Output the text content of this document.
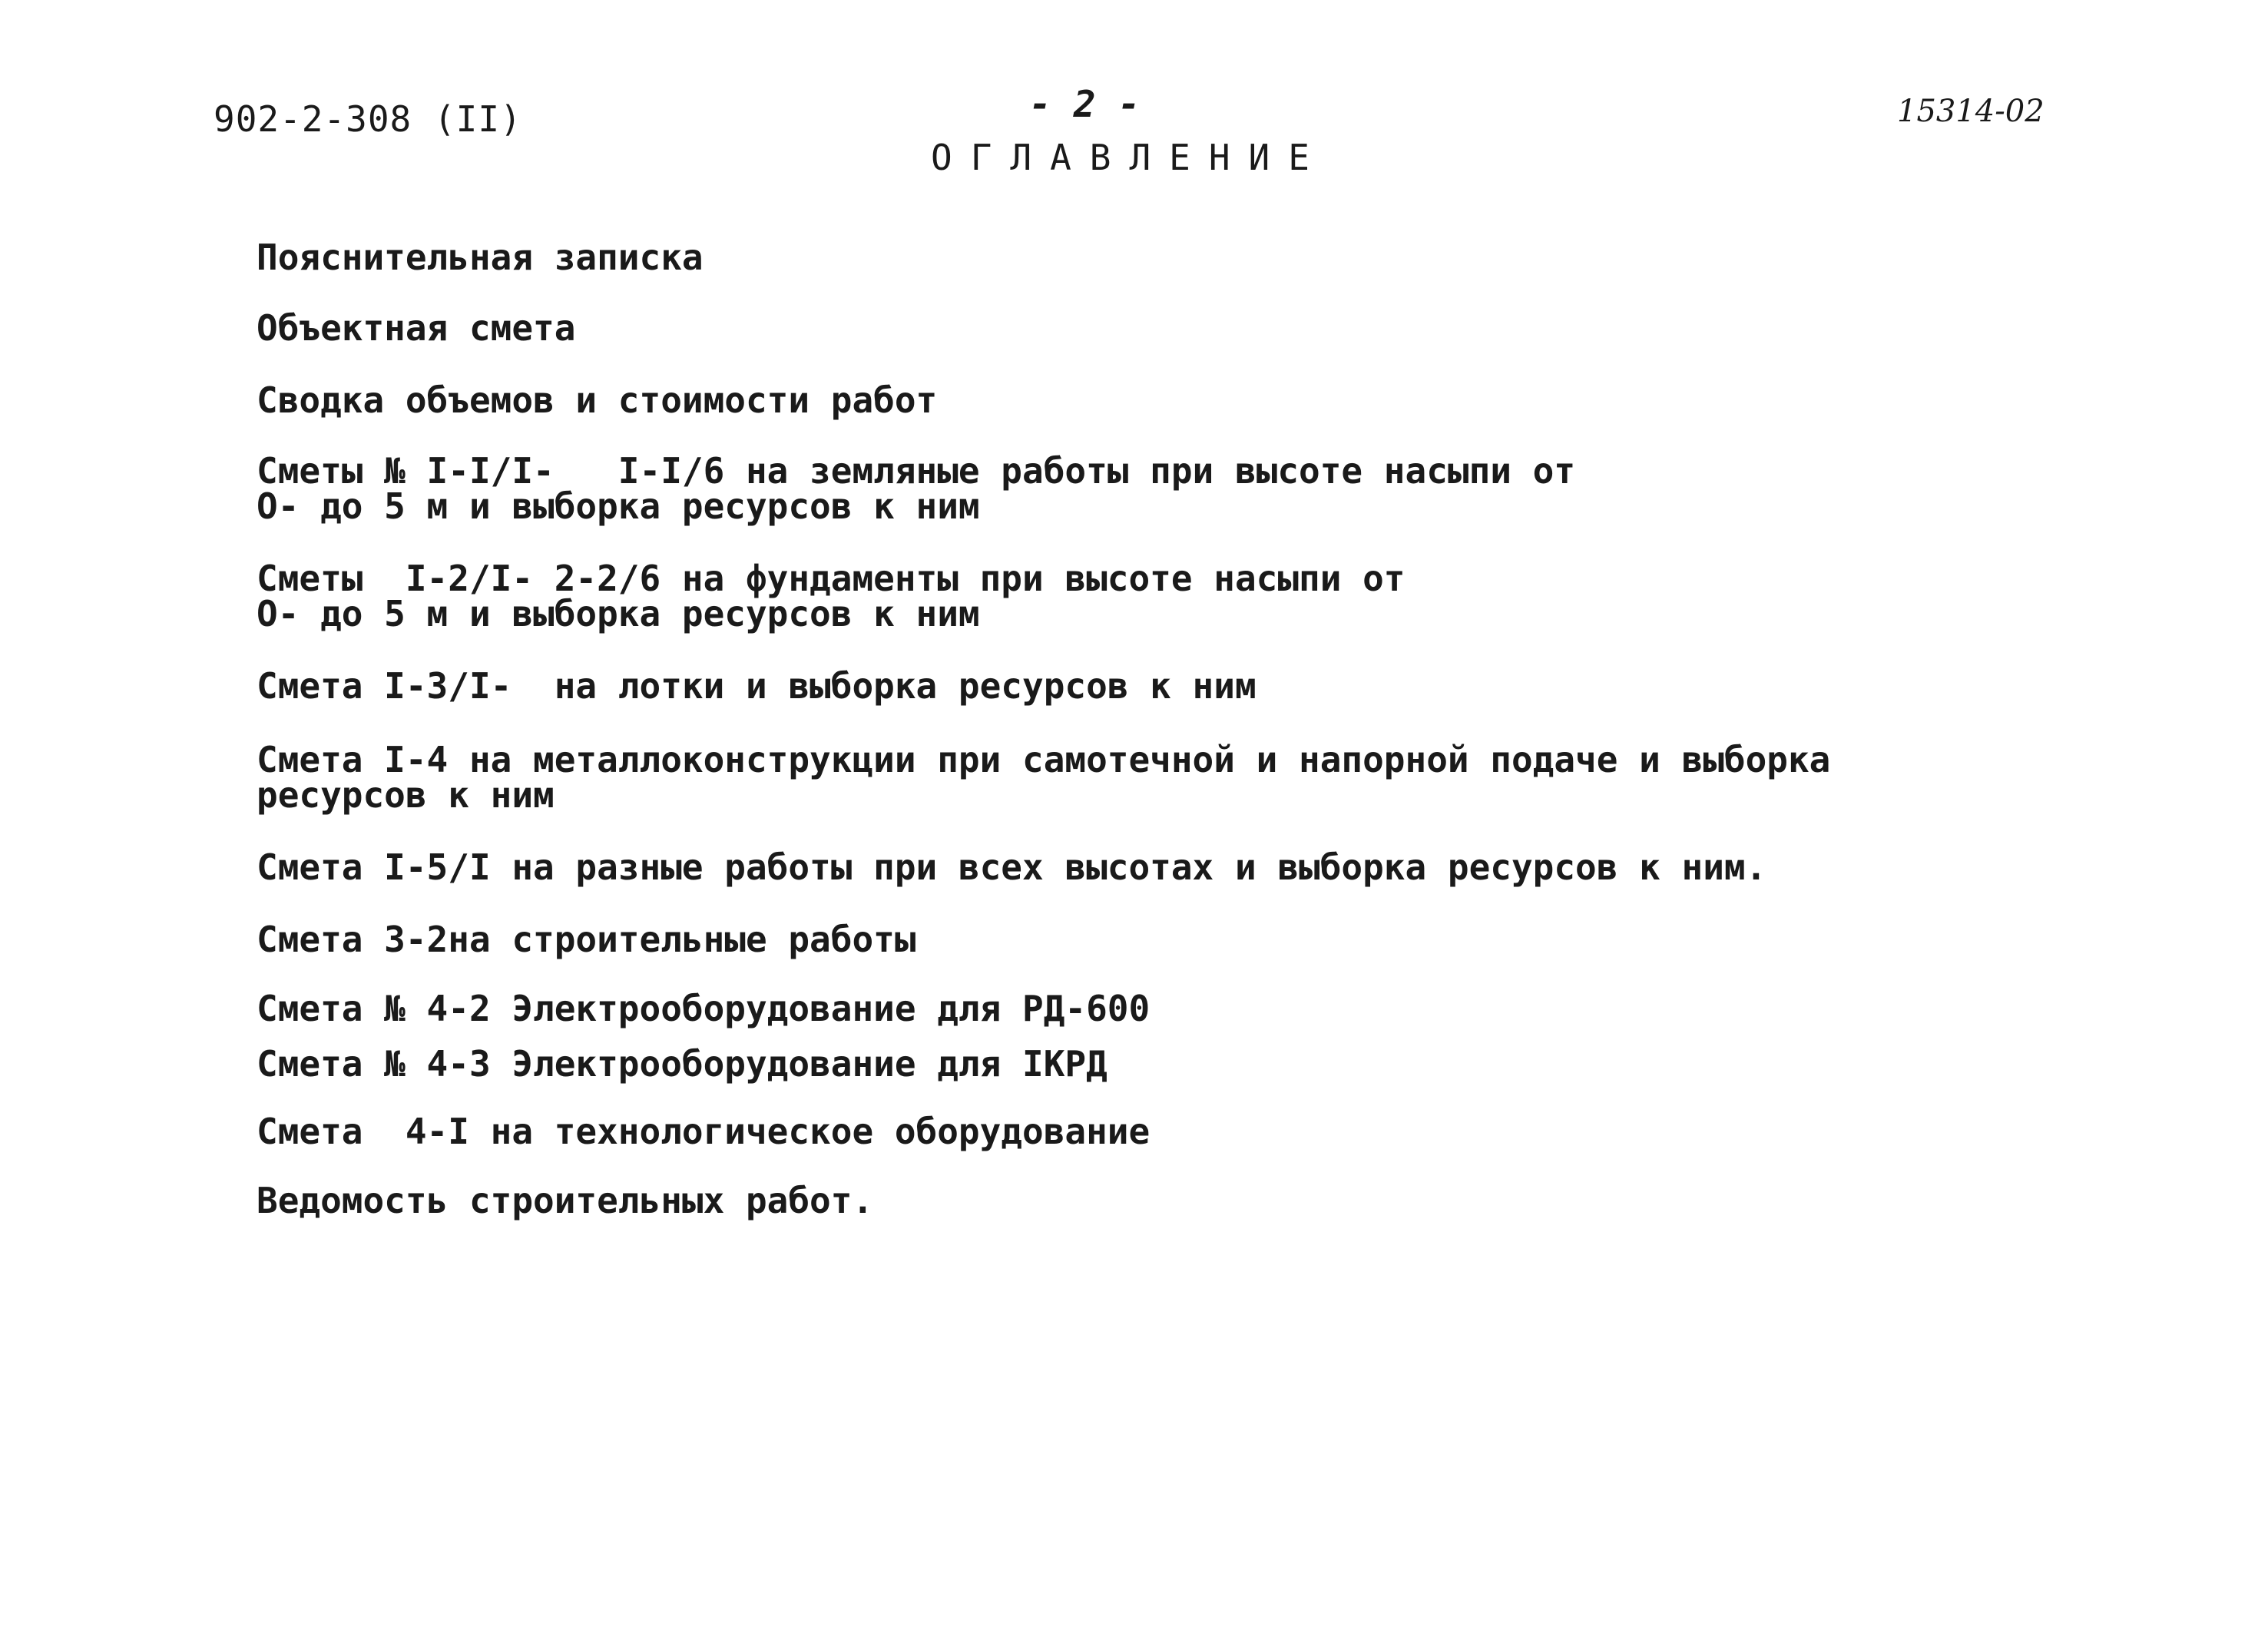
902-2-308 (II)	- 2 -	15314-02
ОГЛАВЛЕНИЕ
Пояснительная записка
Объектная смета
Сводка объемов и стоимости работ
Сметы № I-I/I-   I-I/6 на земляные работы при высоте насыпи от
О- до 5 м и выборка ресурсов к ним
Сметы  I-2/I- 2-2/6 на фундаменты при высоте насыпи от
О- до 5 м и выборка ресурсов к ним
Смета I-3/I-  на лотки и выборка ресурсов к ним
Смета I-4 на металлоконструкции при самотечной и напорной подаче и выборка
ресурсов к ним
Смета I-5/I на разные работы при всех высотах и выборка ресурсов к ним.
Смета 3-2на строительные работы
Смета № 4-2 Электрооборудование для РД-600
Смета № 4-3 Электрооборудование для IКРД
Смета  4-I на технологическое оборудование
Ведомость строительных работ.
